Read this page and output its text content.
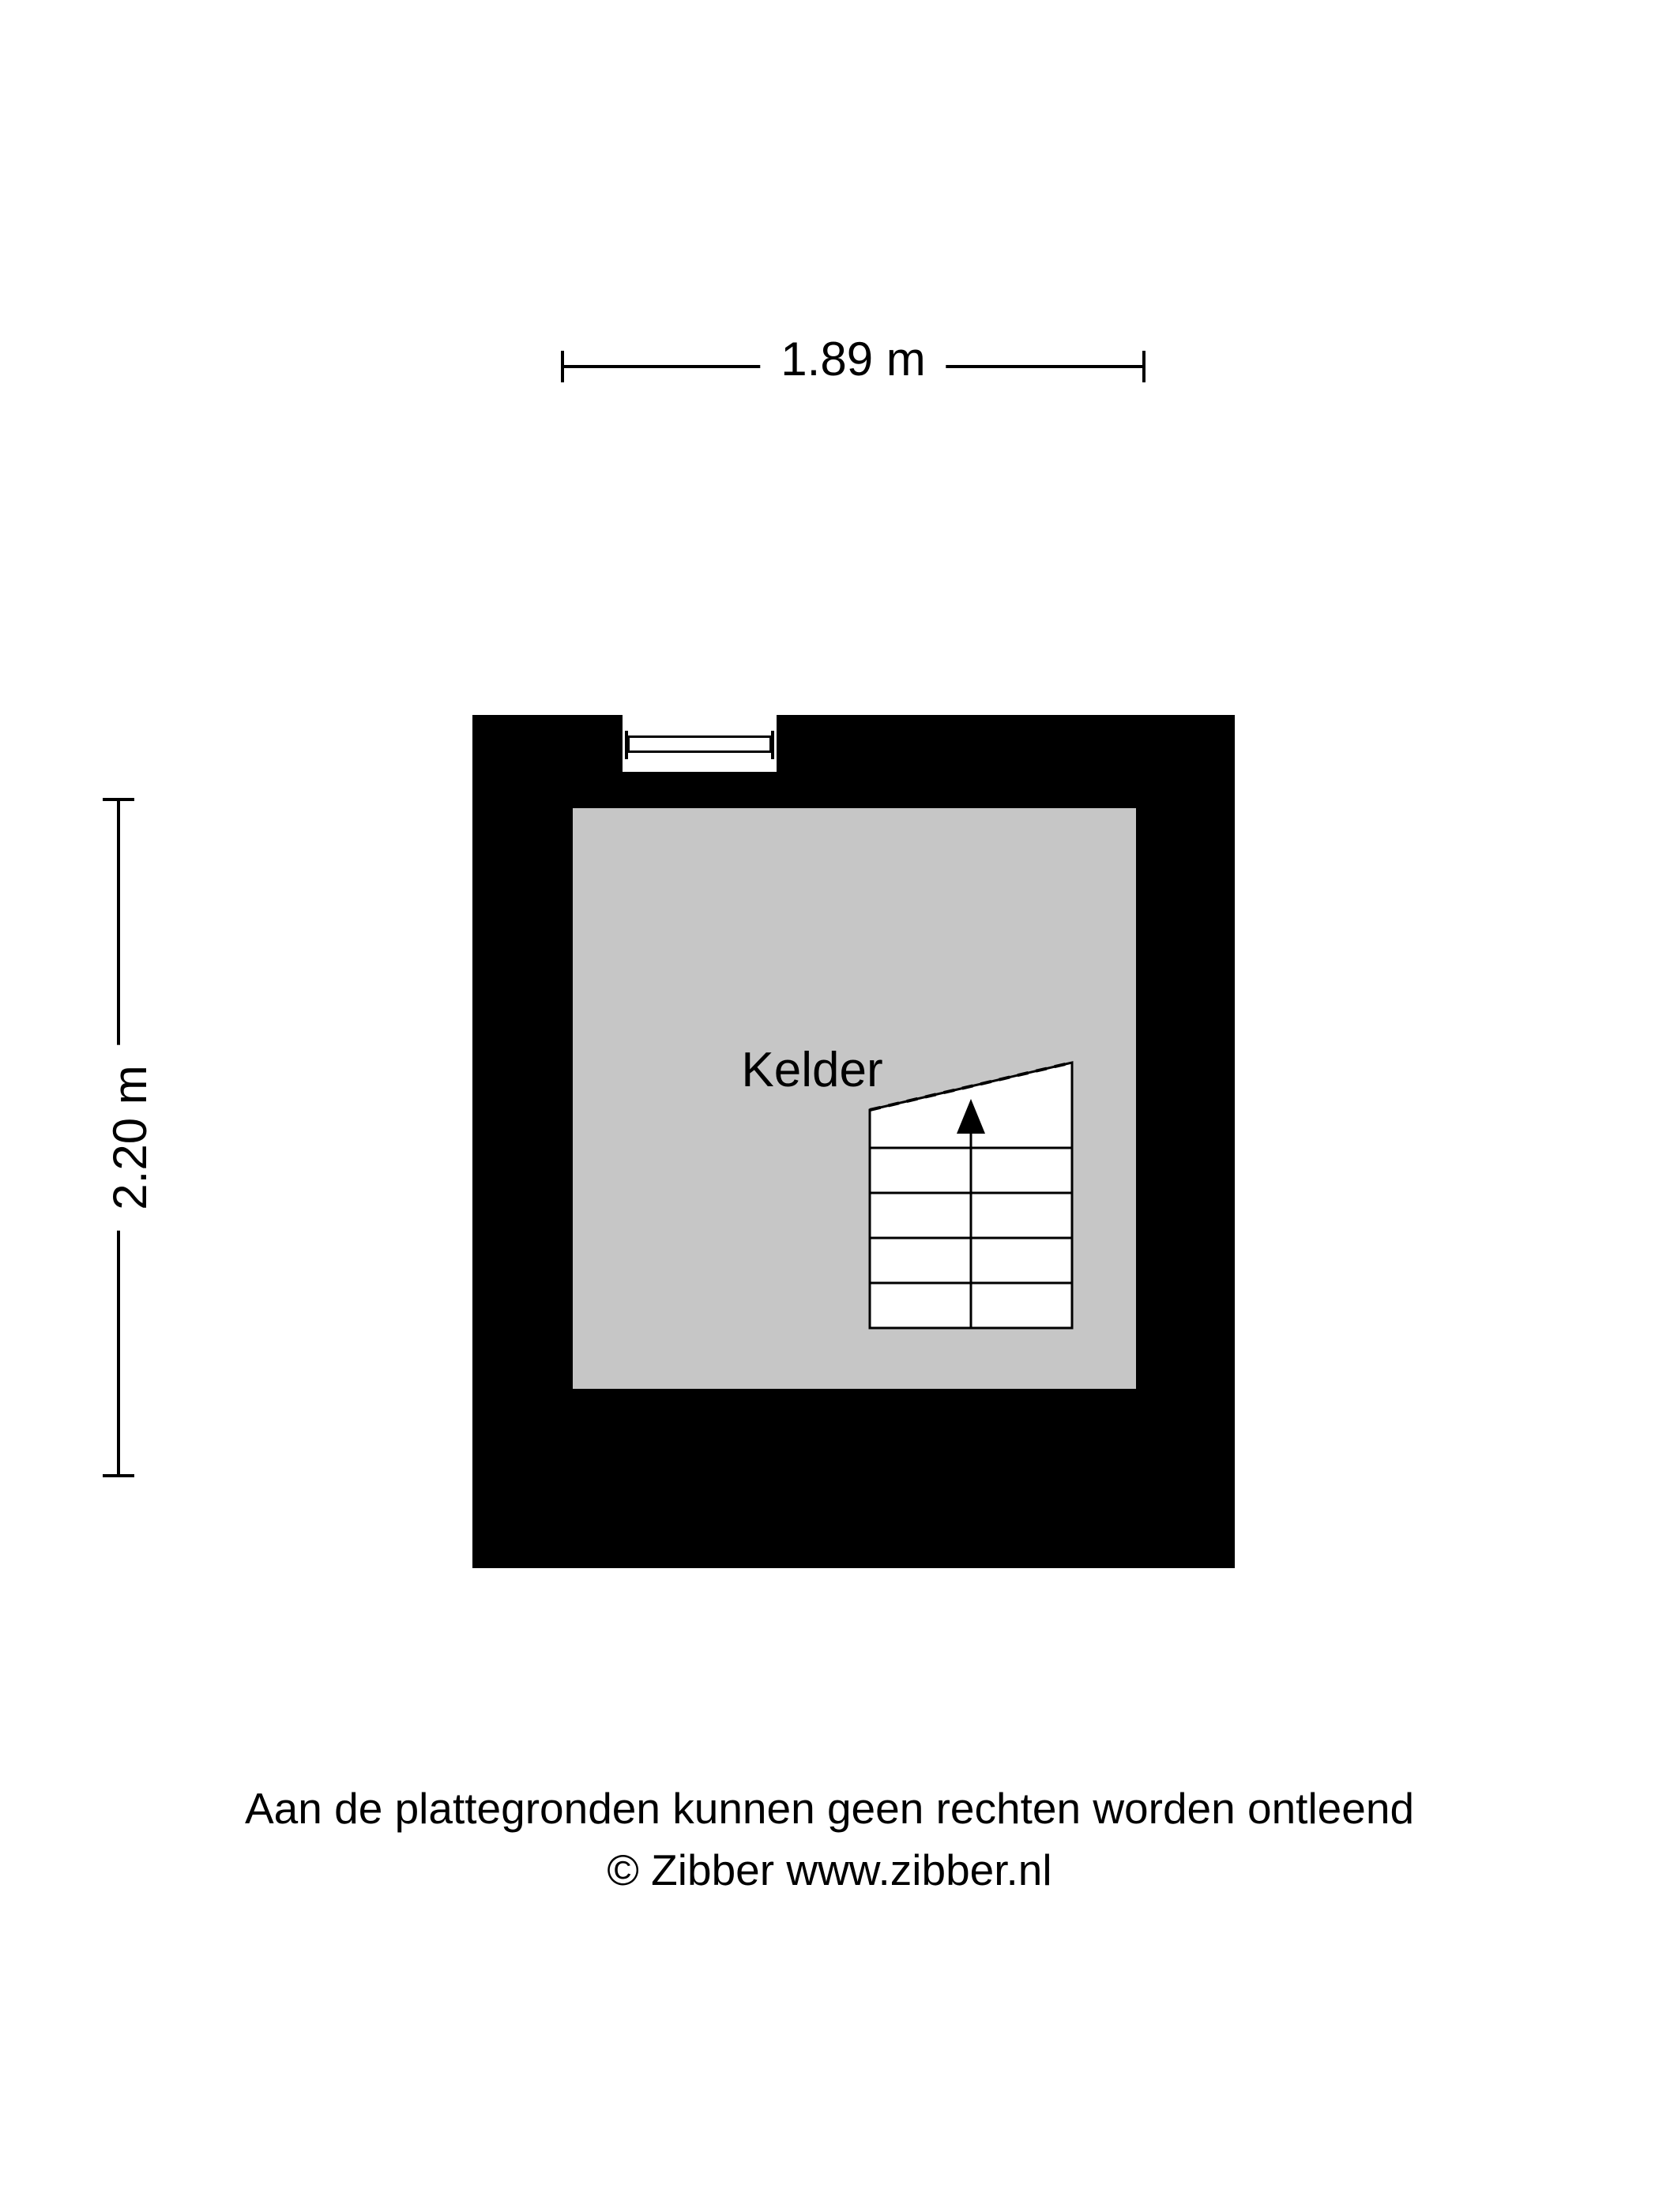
1.89 m
2.20 m	Kelder
Aan de plattegronden kunnen geen rechten worden ontleend
© Zibber www.zibber.nl
